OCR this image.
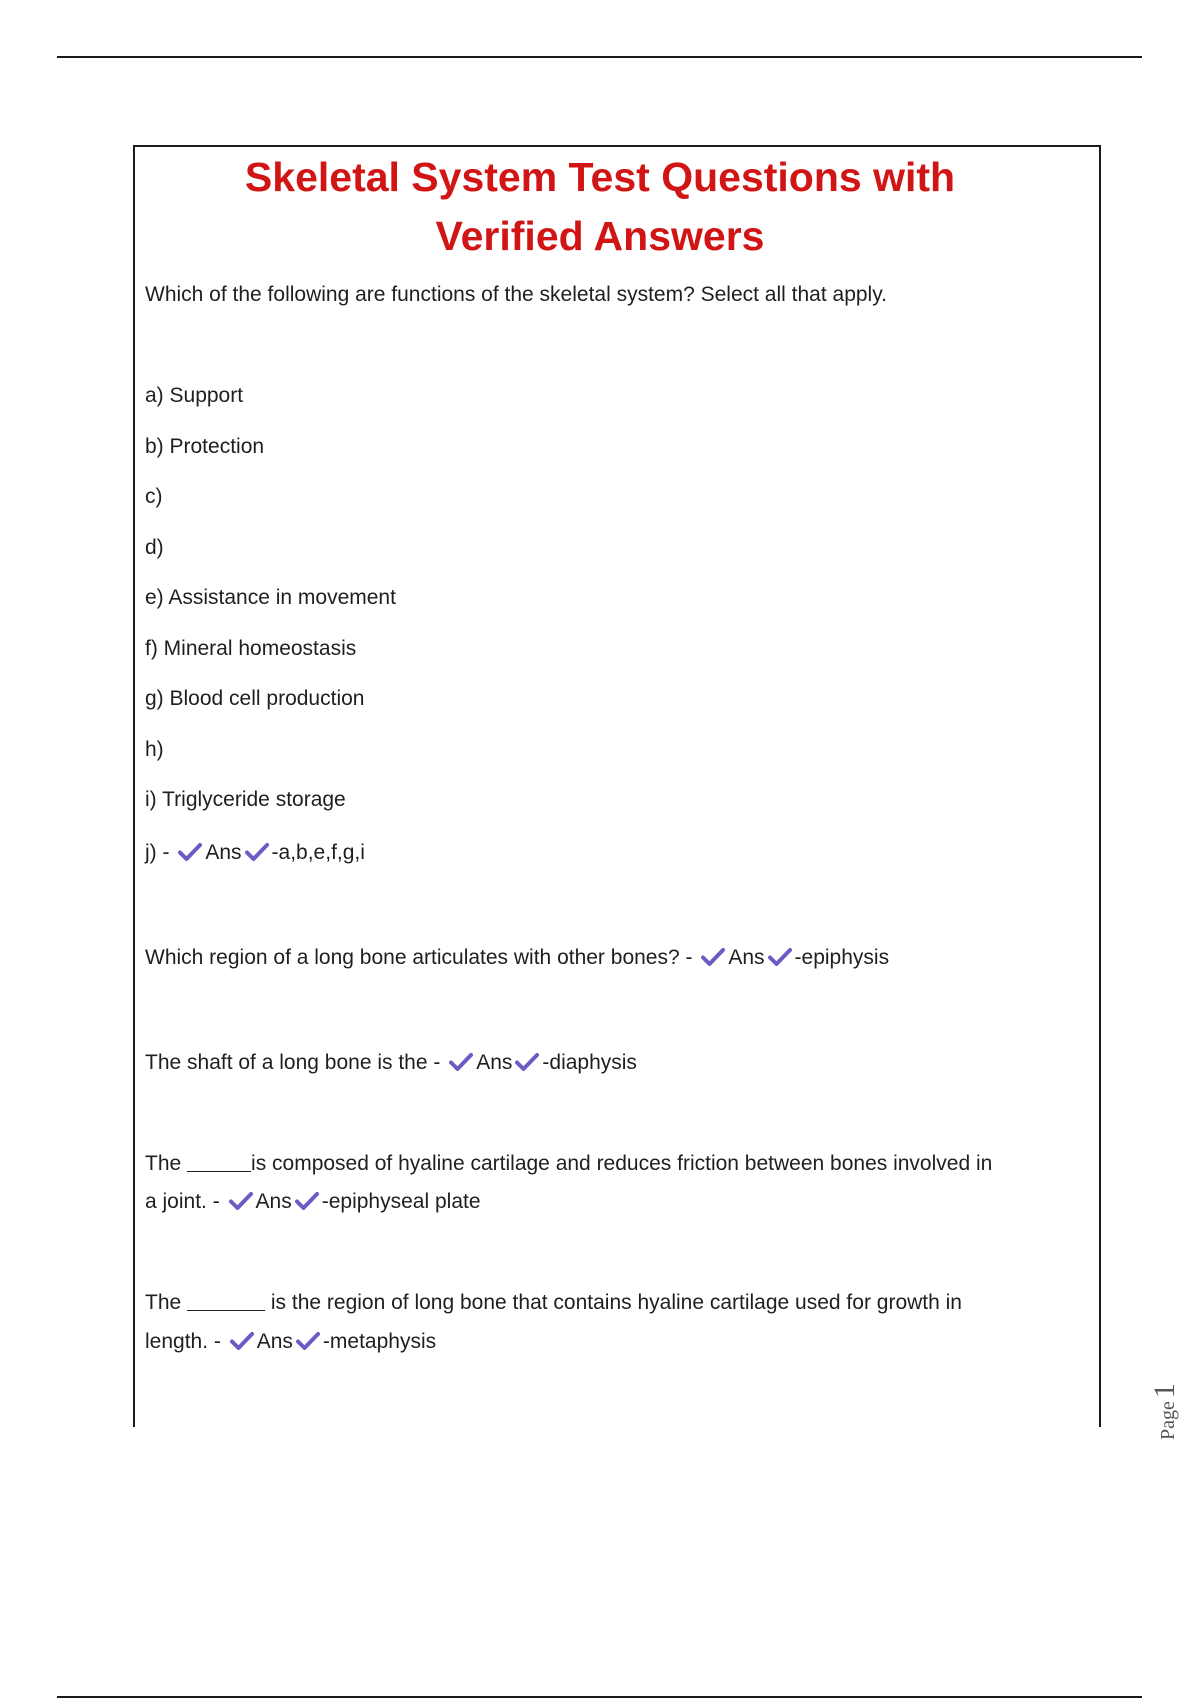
Skeletal System Test Questions with
Verified Answers

Which of the following are functions of the skeletal system? Select all that apply.

a) Support

b) Protection

c)

d)

e) Assistance in movement

f) Mineral homeostasis

g) Blood cell production

h)

i) Triglyceride storage

j) - Ans -a,b,e,f,g,i

Which region of a long bone articulates with other bones? - Ans -epiphysis

The shaft of a long bone is the - Ans -diaphysis

The	is composed of hyaline cartilage and reduces friction between bones involved in

a joint. - Ans -epiphyseal plate

The	is the region of long bone that contains hyaline cartilage used for growth in

length. - Ans -metaphysis

Page1
